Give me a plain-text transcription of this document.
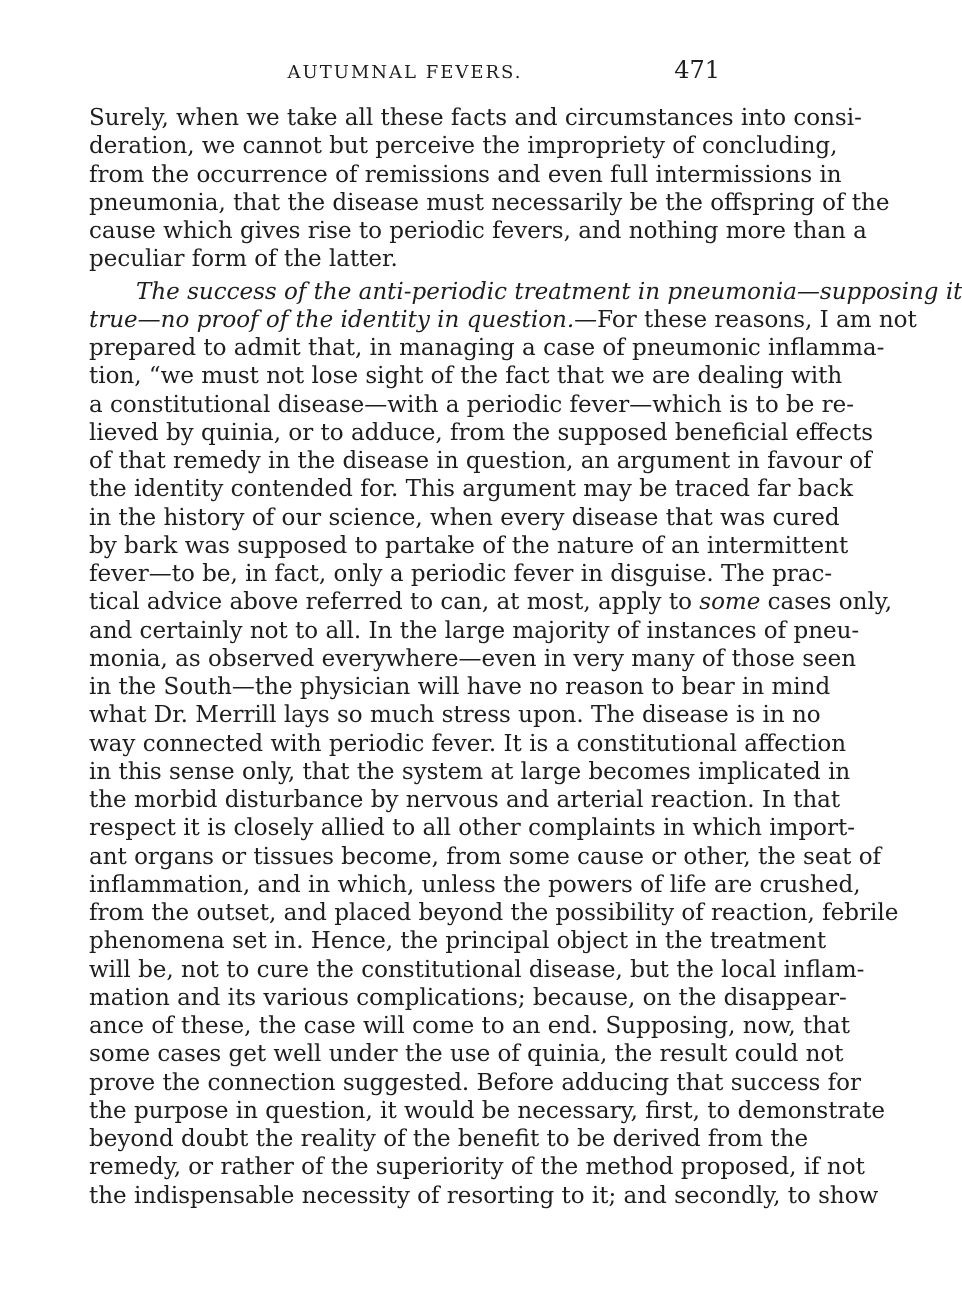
AUTUMNAL FEVERS.	471
Surely, when we take all these facts and circumstances into consi-
deration, we cannot but perceive the impropriety of concluding,
from the occurrence of remissions and even full intermissions in
pneumonia, that the disease must necessarily be the offspring of the
cause which gives rise to periodic fevers, and nothing more than a
peculiar form of the latter.
The success of the anti-periodic treatment in pneumonia—supposing it
true—no proof of the identity in question.—For these reasons, I am not
prepared to admit that, in managing a case of pneumonic inflamma-
tion, “we must not lose sight of the fact that we are dealing with
a constitutional disease—with a periodic fever—which is to be re-
lieved by quinia, or to adduce, from the supposed beneficial effects
of that remedy in the disease in question, an argument in favour of
the identity contended for. This argument may be traced far back
in the history of our science, when every disease that was cured
by bark was supposed to partake of the nature of an intermittent
fever—to be, in fact, only a periodic fever in disguise. The prac-
tical advice above referred to can, at most, apply to some cases only,
and certainly not to all. In the large majority of instances of pneu-
monia, as observed everywhere—even in very many of those seen
in the South—the physician will have no reason to bear in mind
what Dr. Merrill lays so much stress upon. The disease is in no
way connected with periodic fever. It is a constitutional affection
in this sense only, that the system at large becomes implicated in
the morbid disturbance by nervous and arterial reaction. In that
respect it is closely allied to all other complaints in which import-
ant organs or tissues become, from some cause or other, the seat of
inflammation, and in which, unless the powers of life are crushed,
from the outset, and placed beyond the possibility of reaction, febrile
phenomena set in. Hence, the principal object in the treatment
will be, not to cure the constitutional disease, but the local inflam-
mation and its various complications; because, on the disappear-
ance of these, the case will come to an end. Supposing, now, that
some cases get well under the use of quinia, the result could not
prove the connection suggested. Before adducing that success for
the purpose in question, it would be necessary, first, to demonstrate
beyond doubt the reality of the benefit to be derived from the
remedy, or rather of the superiority of the method proposed, if not
the indispensable necessity of resorting to it; and secondly, to show
